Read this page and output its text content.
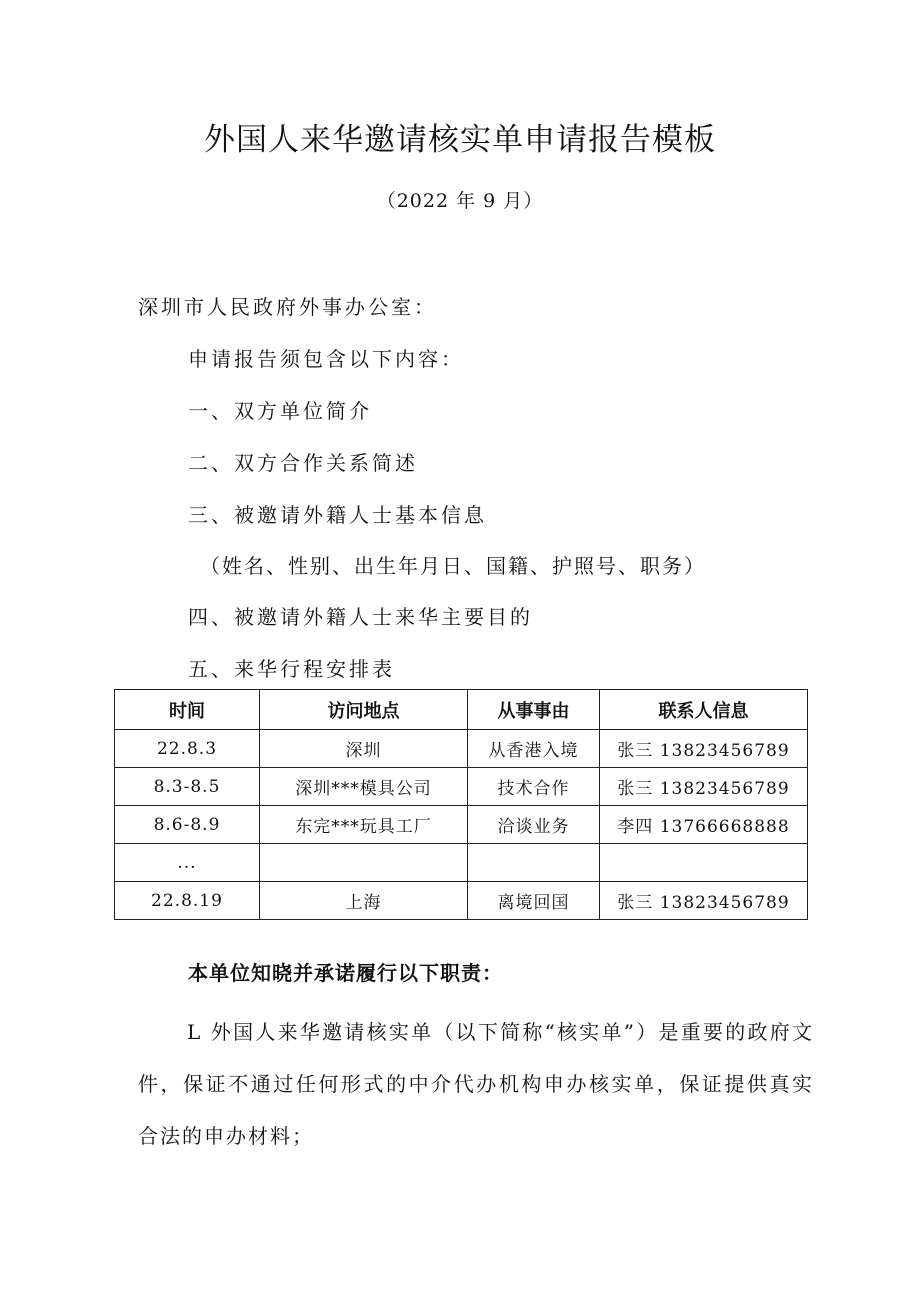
外国人来华邀请核实单申请报告模板
（2022 年 9 月）
深圳市人民政府外事办公室：
申请报告须包含以下内容：
一、双方单位简介
二、双方合作关系简述
三、被邀请外籍人士基本信息
（姓名、性别、出生年月日、国籍、护照号、职务）
四、被邀请外籍人士来华主要目的
五、来华行程安排表
时间	访问地点	从事事由	联系人信息
22.8.3	深圳	从香港入境	张三 13823456789
8.3-8.5	深圳***模具公司	技术合作	张三 13823456789
8.6-8.9	东完***玩具工厂	洽谈业务	李四 13766668888
...			
22.8.19	上海	离境回国	张三 13823456789
本单位知晓并承诺履行以下职责：
L 外国人来华邀请核实单（以下简称“核实单”）是重要的政府文件，保证不通过任何形式的中介代办机构申办核实单，保证提供真实合法的申办材料；
